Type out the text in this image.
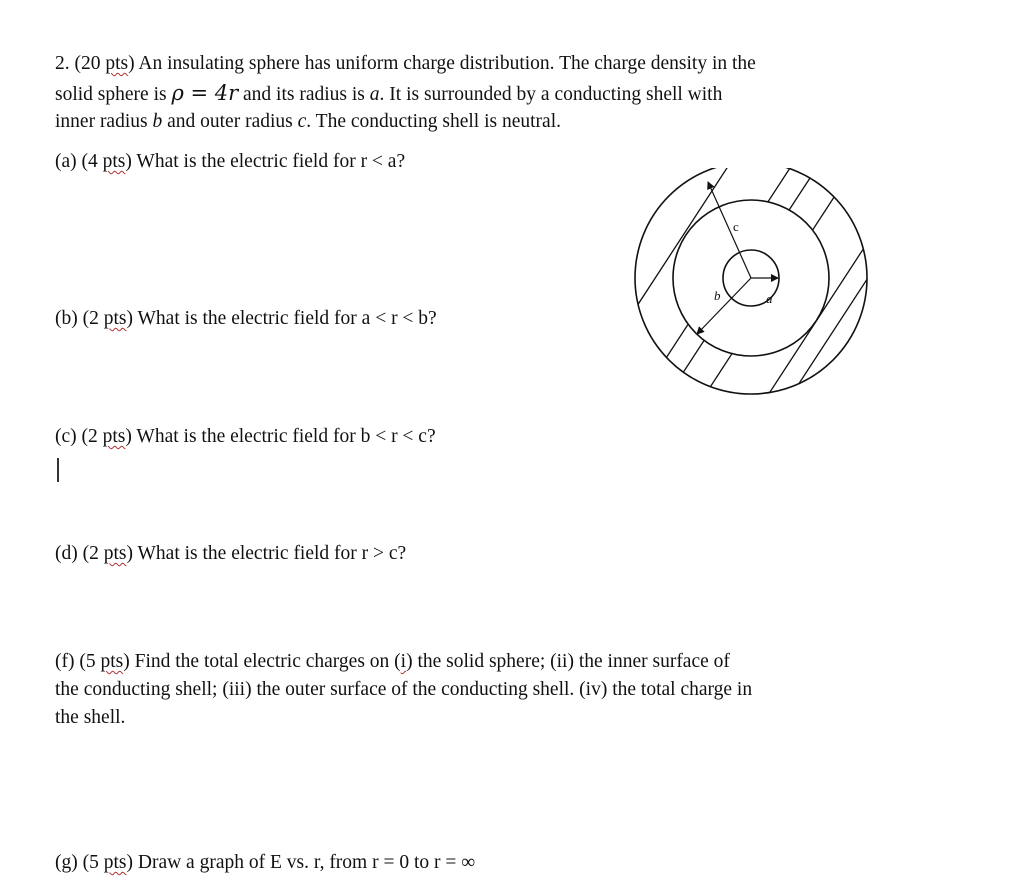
2. (20 pts) An insulating sphere has uniform charge distribution. The charge density in the

solid sphere is ρ = 4r and its radius is a. It is surrounded by a conducting shell with

inner radius b and outer radius c. The conducting shell is neutral.

(a) (4 pts) What is the electric field for r < a?

(b) (2 pts) What is the electric field for a < r < b?

(c) (2 pts) What is the electric field for b < r < c?

(d) (2 pts) What is the electric field for r > c?

(f) (5 pts) Find the total electric charges on (i) the solid sphere; (ii) the inner surface of

the conducting shell; (iii) the outer surface of the conducting shell. (iv) the total charge in

the shell.

(g) (5 pts) Draw a graph of E vs. r, from r = 0 to r = ∞

c
b	a
